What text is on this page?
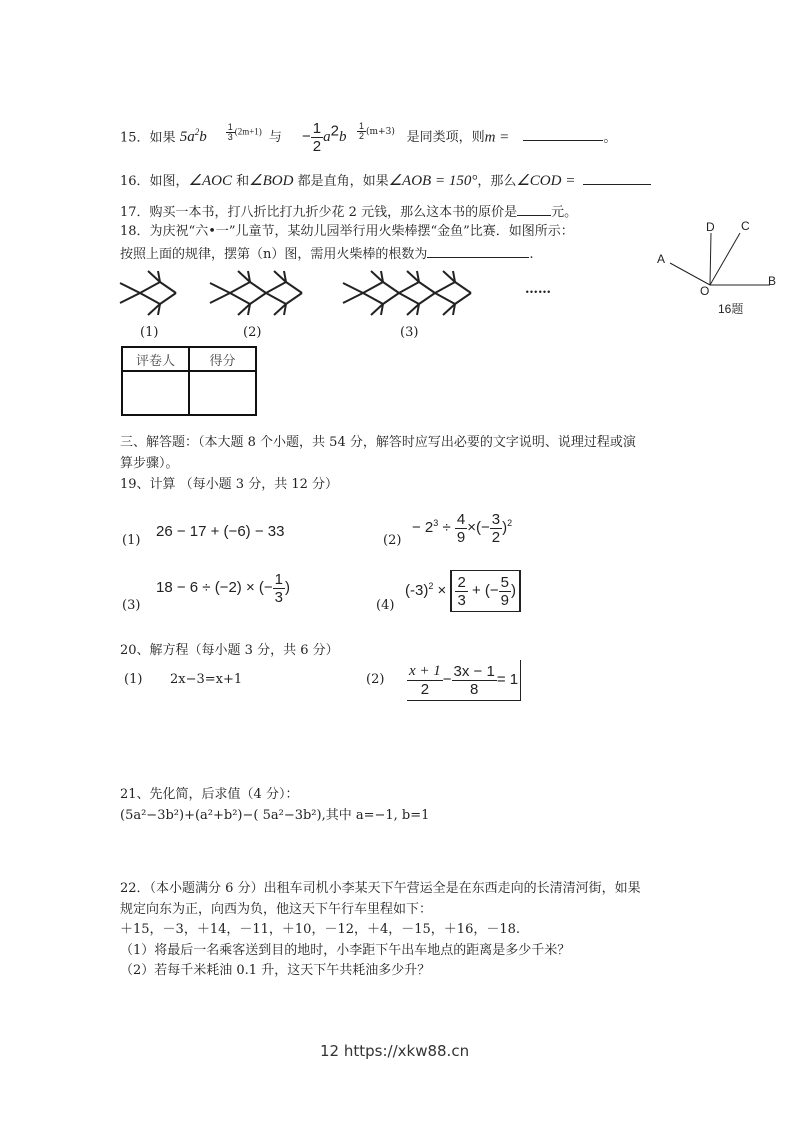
15．如果 $5a^2b \frac{1}{3} (2m+1)$ 与 − $\frac{1}{2} a^2b \frac{1}{2} (m+3)$ 是同类项，则m =	。
16．如图，∠AOC 和∠BOD 都是直角，如果∠AOB = 150°，那么∠COD =
17．购买一本书，打八折比打九折少花 2 元钱，那么这本书的原价是	元。
18．为庆祝“六•一”儿童节，某幼儿园举行用火柴棒摆“金鱼”比赛．如图所示：
按照上面的规律，摆第（n）图，需用火柴棒的根数为	.
(1)	(2)	(3)
……
D C
A
O
B
16题
评卷人	得分

三、解答题：（本大题 8 个小题，共 54 分，解答时应写出必要的文字说明、说理过程或演
算步骤）。
19、计算 （每小题 3 分，共 12 分）
(1)
26 − 17 + (−6) − 33
(2)
− $2^3 \div \frac{4}{9}$ ×(− $\frac{3}{2} )^2$
(3)
18 − 6 ÷ (−2) × (− $\frac{1}{3}$ )
(4)
$(-3)^2 \times \frac{2}{3}$ + (− $\frac{5}{9}$ )
20、解方程（每小题 3 分，共 6 分）
(1) 2x−3=x+1	$(2) \frac{x + 1}{2} - \frac{3x - 1}{8} = 1$
21、先化简，后求值（4 分）：
(5a²−3b²)+(a²+b²)−( 5a²−3b²),其中 a=−1, b=1
22．（本小题满分 6 分）出租车司机小李某天下午营运全是在东西走向的长清清河街，如果
规定向东为正，向西为负，他这天下午行车里程如下：
＋15，－3，＋14，－11，＋10，－12，＋4，－15，＋16，－18.
（1）将最后一名乘客送到目的地时，小李距下午出车地点的距离是多少千米？
（2）若每千米耗油 0.1 升，这天下午共耗油多少升？
12 https://xkw88.cn
